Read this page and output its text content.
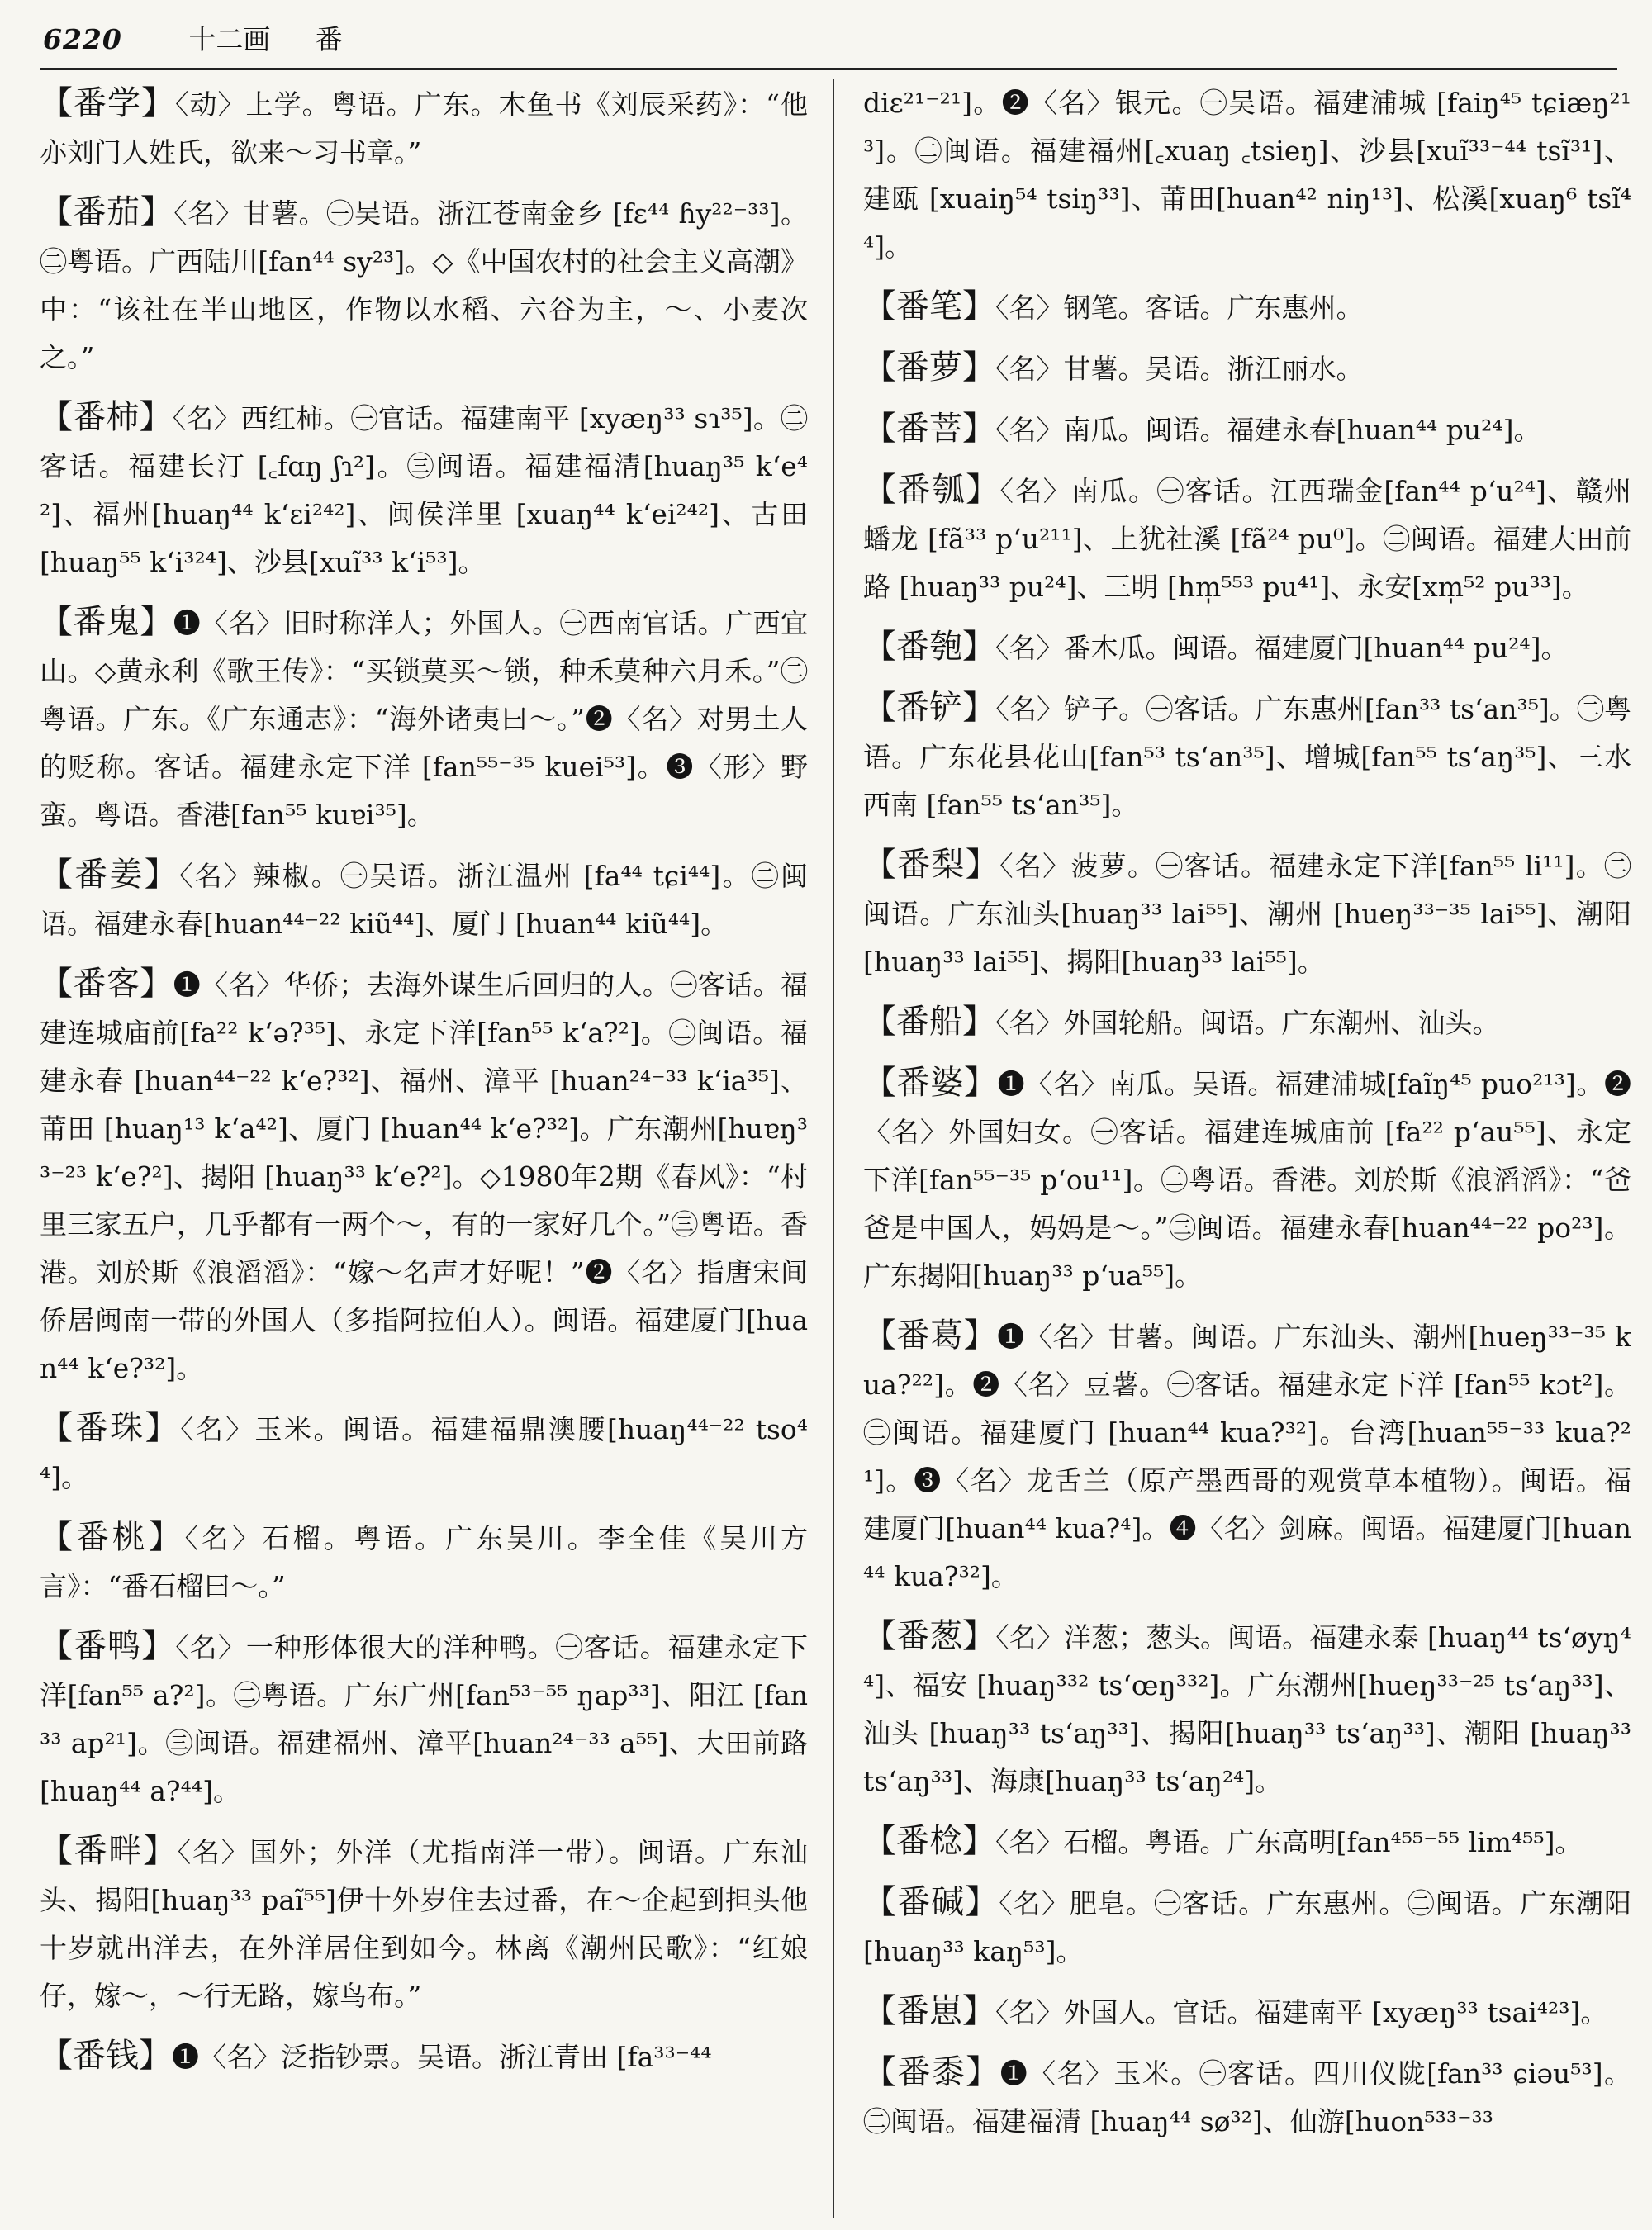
6220 十二画 番

【番学】〈动〉上学。粤语。广东。木鱼书《刘辰采药》：“他亦刘门人姓氏，欲来～习书章。”

【番茄】〈名〉甘薯。㊀吴语。浙江苍南金乡 [fɛ⁴⁴ ɦy²²⁻³³]。㊁粤语。广西陆川[fan⁴⁴ sy²³]。◇《中国农村的社会主义高潮》中：“该社在半山地区，作物以水稻、六谷为主，～、小麦次之。”

【番柿】〈名〉西红柿。㊀官话。福建南平 [xyæŋ³³ sɿ³⁵]。㊁客话。福建长汀 [꜀fɑŋ ʃɿ²]。㊂闽语。福建福清[huaŋ³⁵ k‘e⁴²]、福州[huaŋ⁴⁴ k‘ɛi²⁴²]、闽侯洋里 [xuaŋ⁴⁴ k‘ei²⁴²]、古田 [huaŋ⁵⁵ k‘i³²⁴]、沙县[xuĩ³³ k‘i⁵³]。

【番鬼】❶〈名〉旧时称洋人；外国人。㊀西南官话。广西宜山。◇黄永利《歌王传》：“买锁莫买～锁，种禾莫种六月禾。”㊁粤语。广东。《广东通志》：“海外诸夷曰～。”❷〈名〉对男土人的贬称。客话。福建永定下洋 [fan⁵⁵⁻³⁵ kuei⁵³]。❸〈形〉野蛮。粤语。香港[fan⁵⁵ kuɐi³⁵]。

【番姜】〈名〉辣椒。㊀吴语。浙江温州 [fa⁴⁴ tɕi⁴⁴]。㊁闽语。福建永春[huan⁴⁴⁻²² kiũ⁴⁴]、厦门 [huan⁴⁴ kiũ⁴⁴]。

【番客】❶〈名〉华侨；去海外谋生后回归的人。㊀客话。福建连城庙前[fa²² k‘ə?³⁵]、永定下洋[fan⁵⁵ k‘a?²]。㊁闽语。福建永春 [huan⁴⁴⁻²² k‘e?³²]、福州、漳平 [huan²⁴⁻³³ k‘ia³⁵]、莆田 [huaŋ¹³ k‘a⁴²]、厦门 [huan⁴⁴ k‘e?³²]。广东潮州[huɐŋ³³⁻²³ k‘e?²]、揭阳 [huaŋ³³ k‘e?²]。◇1980年2期《春风》：“村里三家五户，几乎都有一两个～，有的一家好几个。”㊂粤语。香港。刘於斯《浪滔滔》：“嫁～名声才好呢！”❷〈名〉指唐宋间侨居闽南一带的外国人（多指阿拉伯人）。闽语。福建厦门[huan⁴⁴ k‘e?³²]。

【番珠】〈名〉玉米。闽语。福建福鼎澳腰[huaŋ⁴⁴⁻²² tso⁴⁴]。

【番桃】〈名〉石榴。粤语。广东吴川。李全佳《吴川方言》：“番石榴曰～。”

【番鸭】〈名〉一种形体很大的洋种鸭。㊀客话。福建永定下洋[fan⁵⁵ a?²]。㊁粤语。广东广州[fan⁵³⁻⁵⁵ ŋap³³]、阳江 [fan³³ ap²¹]。㊂闽语。福建福州、漳平[huan²⁴⁻³³ a⁵⁵]、大田前路[huaŋ⁴⁴ a?⁴⁴]。

【番畔】〈名〉国外；外洋（尤指南洋一带）。闽语。广东汕头、揭阳[huaŋ³³ paĩ⁵⁵]伊十外岁住去过番，在～企起到担头他十岁就出洋去，在外洋居住到如今。林离《潮州民歌》：“红娘仔，嫁～，～行无路，嫁鸟布。”

【番钱】❶〈名〉泛指钞票。吴语。浙江青田 [fa³³⁻⁴⁴

diɛ²¹⁻²¹]。❷〈名〉银元。㊀吴语。福建浦城 [faiŋ⁴⁵ tɕiæŋ²¹³]。㊁闽语。福建福州[꜀xuaŋ ꜀tsieŋ]、沙县[xuĩ³³⁻⁴⁴ tsĩ³¹]、建瓯 [xuaiŋ⁵⁴ tsiŋ³³]、莆田[huan⁴² niŋ¹³]、松溪[xuaŋ⁶ tsĩ⁴⁴]。

【番笔】〈名〉钢笔。客话。广东惠州。

【番萝】〈名〉甘薯。吴语。浙江丽水。

【番菩】〈名〉南瓜。闽语。福建永春[huan⁴⁴ pu²⁴]。

【番瓠】〈名〉南瓜。㊀客话。江西瑞金[fan⁴⁴ p‘u²⁴]、赣州蟠龙 [fã³³ p‘u²¹¹]、上犹社溪 [fã²⁴ pu⁰]。㊁闽语。福建大田前路 [huaŋ³³ pu²⁴]、三明 [hm̩⁵⁵³ pu⁴¹]、永安[xm̩⁵² pu³³]。

【番匏】〈名〉番木瓜。闽语。福建厦门[huan⁴⁴ pu²⁴]。

【番铲】〈名〉铲子。㊀客话。广东惠州[fan³³ ts‘an³⁵]。㊁粤语。广东花县花山[fan⁵³ ts‘an³⁵]、增城[fan⁵⁵ ts‘aŋ³⁵]、三水西南 [fan⁵⁵ ts‘an³⁵]。

【番梨】〈名〉菠萝。㊀客话。福建永定下洋[fan⁵⁵ li¹¹]。㊁闽语。广东汕头[huaŋ³³ lai⁵⁵]、潮州 [hueŋ³³⁻³⁵ lai⁵⁵]、潮阳[huaŋ³³ lai⁵⁵]、揭阳[huaŋ³³ lai⁵⁵]。

【番船】〈名〉外国轮船。闽语。广东潮州、汕头。

【番婆】❶〈名〉南瓜。吴语。福建浦城[faĩŋ⁴⁵ puo²¹³]。❷〈名〉外国妇女。㊀客话。福建连城庙前 [fa²² p‘au⁵⁵]、永定下洋[fan⁵⁵⁻³⁵ p‘ou¹¹]。㊁粤语。香港。刘於斯《浪滔滔》：“爸爸是中国人，妈妈是～。”㊂闽语。福建永春[huan⁴⁴⁻²² po²³]。广东揭阳[huaŋ³³ p‘ua⁵⁵]。

【番葛】❶〈名〉甘薯。闽语。广东汕头、潮州[hueŋ³³⁻³⁵ kua?²²]。❷〈名〉豆薯。㊀客话。福建永定下洋 [fan⁵⁵ kɔt²]。㊁闽语。福建厦门 [huan⁴⁴ kua?³²]。台湾[huan⁵⁵⁻³³ kua?²¹]。❸〈名〉龙舌兰（原产墨西哥的观赏草本植物）。闽语。福建厦门[huan⁴⁴ kua?⁴]。❹〈名〉剑麻。闽语。福建厦门[huan⁴⁴ kua?³²]。

【番葱】〈名〉洋葱；葱头。闽语。福建永泰 [huaŋ⁴⁴ ts‘øyŋ⁴⁴]、福安 [huaŋ³³² ts‘œŋ³³²]。广东潮州[hueŋ³³⁻²⁵ ts‘aŋ³³]、汕头 [huaŋ³³ ts‘aŋ³³]、揭阳[huaŋ³³ ts‘aŋ³³]、潮阳 [huaŋ³³ ts‘aŋ³³]、海康[huaŋ³³ ts‘aŋ²⁴]。

【番棯】〈名〉石榴。粤语。广东高明[fan⁴⁵⁵⁻⁵⁵ lim⁴⁵⁵]。

【番碱】〈名〉肥皂。㊀客话。广东惠州。㊁闽语。广东潮阳[huaŋ³³ kaŋ⁵³]。

【番崽】〈名〉外国人。官话。福建南平 [xyæŋ³³ tsai⁴²³]。

【番黍】❶〈名〉玉米。㊀客话。四川仪陇[fan³³ ɕiəu⁵³]。㊁闽语。福建福清 [huaŋ⁴⁴ sø³²]、仙游[huon⁵³³⁻³³
